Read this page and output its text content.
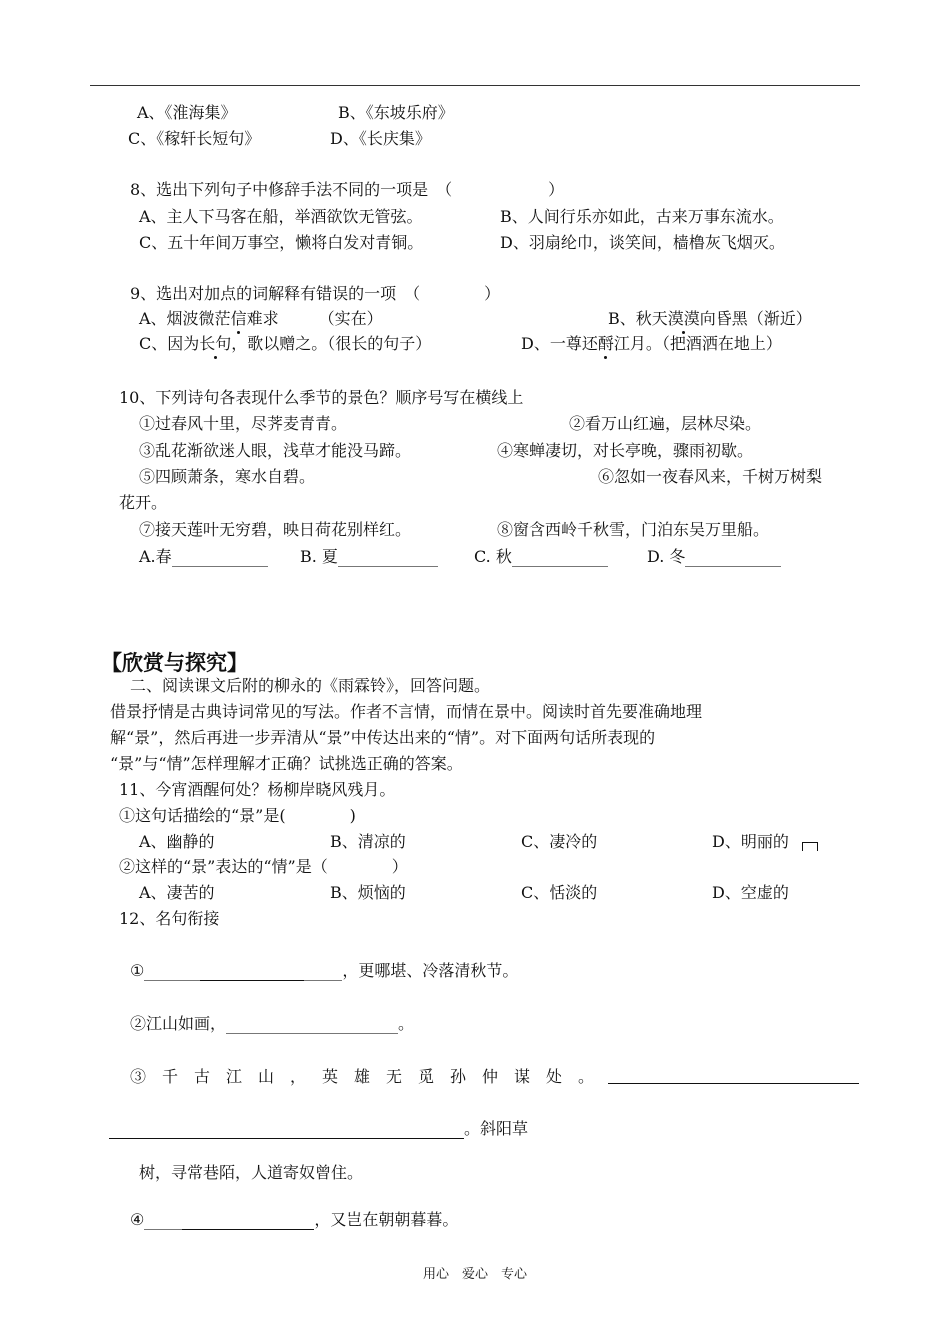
A、《淮海集》	B、《东坡乐府》
C、《稼轩长短句》	D、《长庆集》
8、选出下列句子中修辞手法不同的一项是　（　　　　　　）
A、主人下马客在船，举酒欲饮无管弦。	B、人间行乐亦如此，古来万事东流水。
C、五十年间万事空，懒将白发对青铜。	D、羽扇纶巾，谈笑间，樯橹灰飞烟灭。
9、选出对加点的词解释有错误的一项　（　　　　）
A、烟波微茫信难求　　　（实在）	B、秋天漠漠向昏黑（渐近）
C、因为长句，歌以赠之。（很长的句子）	D、一尊还酹江月。（把酒洒在地上）
10、下列诗句各表现什么季节的景色？顺序号写在横线上
①过春风十里，尽荠麦青青。	②看万山红遍，层林尽染。
③乱花渐欲迷人眼，浅草才能没马蹄。	④寒蝉凄切，对长亭晚，骤雨初歇。
⑤四顾萧条，寒水自碧。	⑥忽如一夜春风来，千树万树梨
花开。
⑦接天莲叶无穷碧，映日荷花别样红。	⑧窗含西岭千秋雪，门泊东吴万里船。
A.春	B. 夏	C. 秋	D. 冬
【欣赏与探究】
二、阅读课文后附的柳永的《雨霖铃》，回答问题。
借景抒情是古典诗词常见的写法。作者不言情，而情在景中。阅读时首先要准确地理
解“景”，然后再进一步弄清从“景”中传达出来的“情”。对下面两句话所表现的
“景”与“情”怎样理解才正确？试挑选正确的答案。
11、今宵酒醒何处？杨柳岸晓风残月。
①这句话描绘的“景”是(　　　　)
A、幽静的	B、清凉的	C、凄冷的	D、明丽的
②这样的“景”表达的“情”是（　　　　）
A、凄苦的	B、烦恼的	C、恬淡的	D、空虚的
12、名句衔接
①	，更哪堪、冷落清秋节。
②江山如画，	。
③千古江山，英雄无觅孙仲谋处。
。斜阳草
树，寻常巷陌，人道寄奴曾住。
④	，又岂在朝朝暮暮。
用心　爱心　专心
